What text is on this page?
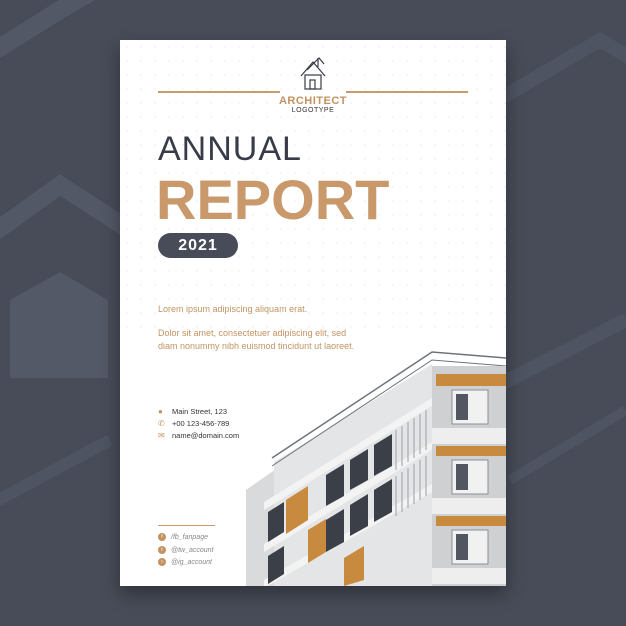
ARCHITECT
LOGOTYPE
ANNUAL
REPORT
2021
Lorem ipsum adipiscing aliquam erat.
Dolor sit amet, consectetuer adipiscing elit, sed diam nonummy nibh euismod tincidunt ut laoreet.
● Main Street, 123
✆ +00 123-456-789
✉ name@domain.com
f /fb_fanpage
t @tw_account
○ @ig_account
